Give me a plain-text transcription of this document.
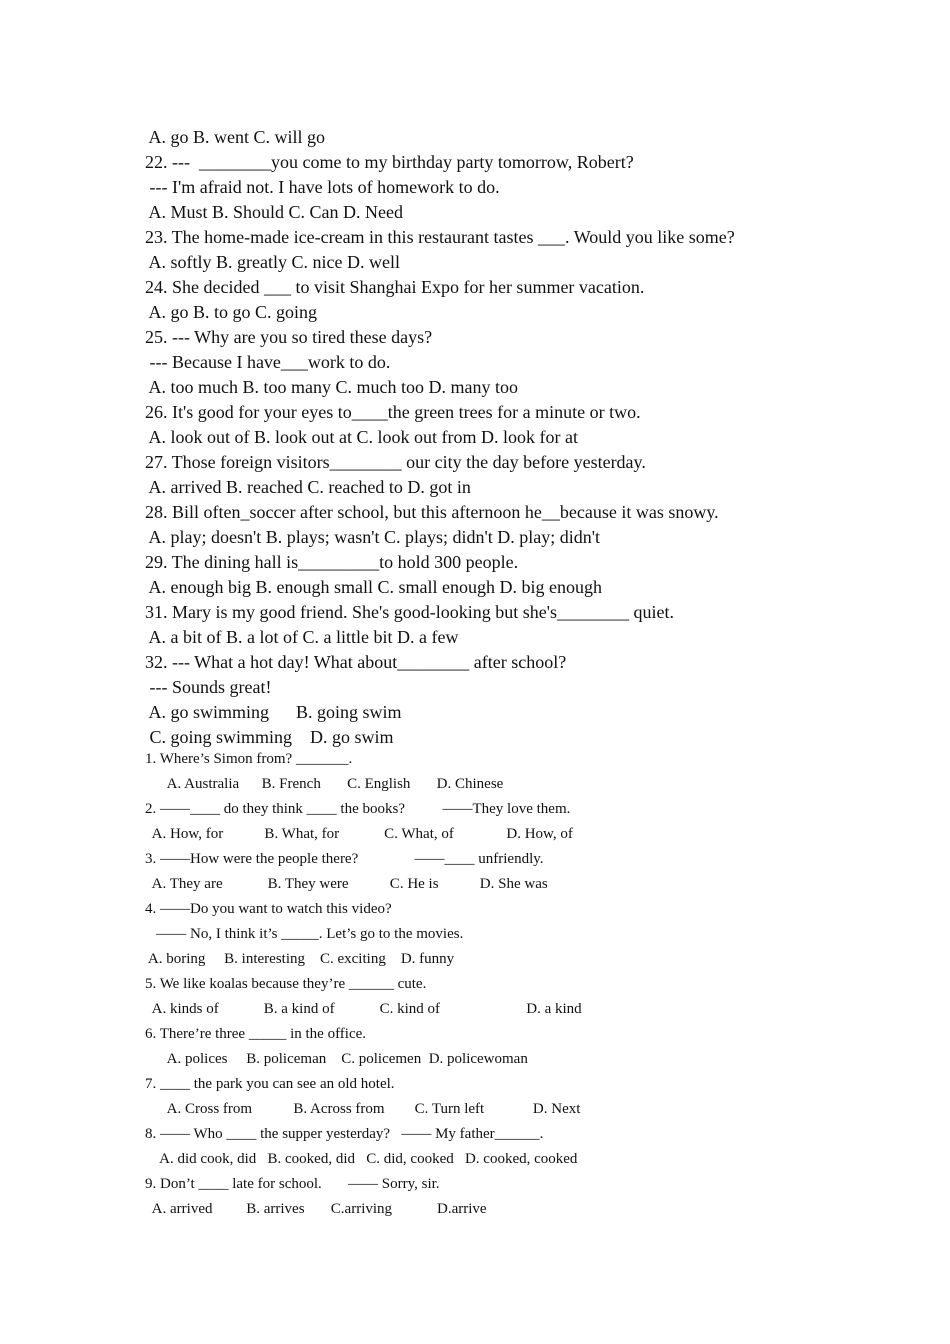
A. go B. went C. will go
22. ---  ________you come to my birthday party tomorrow, Robert?
--- I'm afraid not. I have lots of homework to do.
A. Must B. Should C. Can D. Need
23. The home-made ice-cream in this restaurant tastes ___. Would you like some?
A. softly B. greatly C. nice D. well
24. She decided ___ to visit Shanghai Expo for her summer vacation.
A. go B. to go C. going
25. --- Why are you so tired these days?
--- Because I have___work to do.
A. too much B. too many C. much too D. many too
26. It's good for your eyes to____the green trees for a minute or two.
A. look out of B. look out at C. look out from D. look for at
27. Those foreign visitors________ our city the day before yesterday.
A. arrived B. reached C. reached to D. got in
28. Bill often_soccer after school, but this afternoon he__because it was snowy.
A. play; doesn't B. plays; wasn't C. plays; didn't D. play; didn't
29. The dining hall is_________to hold 300 people.
A. enough big B. enough small C. small enough D. big enough
31. Mary is my good friend. She's good-looking but she's________ quiet.
A. a bit of B. a lot of C. a little bit D. a few
32. --- What a hot day! What about________ after school?
--- Sounds great!
A. go swimming      B. going swim
C. going swimming    D. go swim
1. Where’s Simon from? _______.
A. Australia      B. French       C. English       D. Chinese
2. ——____ do they think ____ the books?          ——They love them.
A. How, for           B. What, for            C. What, of              D. How, of
3. ——How were the people there?               ——____ unfriendly.
A. They are            B. They were           C. He is           D. She was
4. ——Do you want to watch this video?
—— No, I think it’s _____. Let’s go to the movies.
A. boring     B. interesting    C. exciting    D. funny
5. We like koalas because they’re ______ cute.
A. kinds of            B. a kind of            C. kind of                       D. a kind
6. There’re three _____ in the office.
A. polices     B. policeman    C. policemen  D. policewoman
7. ____ the park you can see an old hotel.
A. Cross from           B. Across from        C. Turn left             D. Next
8. —— Who ____ the supper yesterday?   —— My father______.
A. did cook, did   B. cooked, did   C. did, cooked   D. cooked, cooked
9. Don’t ____ late for school.       —— Sorry, sir.
A. arrived         B. arrives       C.arriving            D.arrive
